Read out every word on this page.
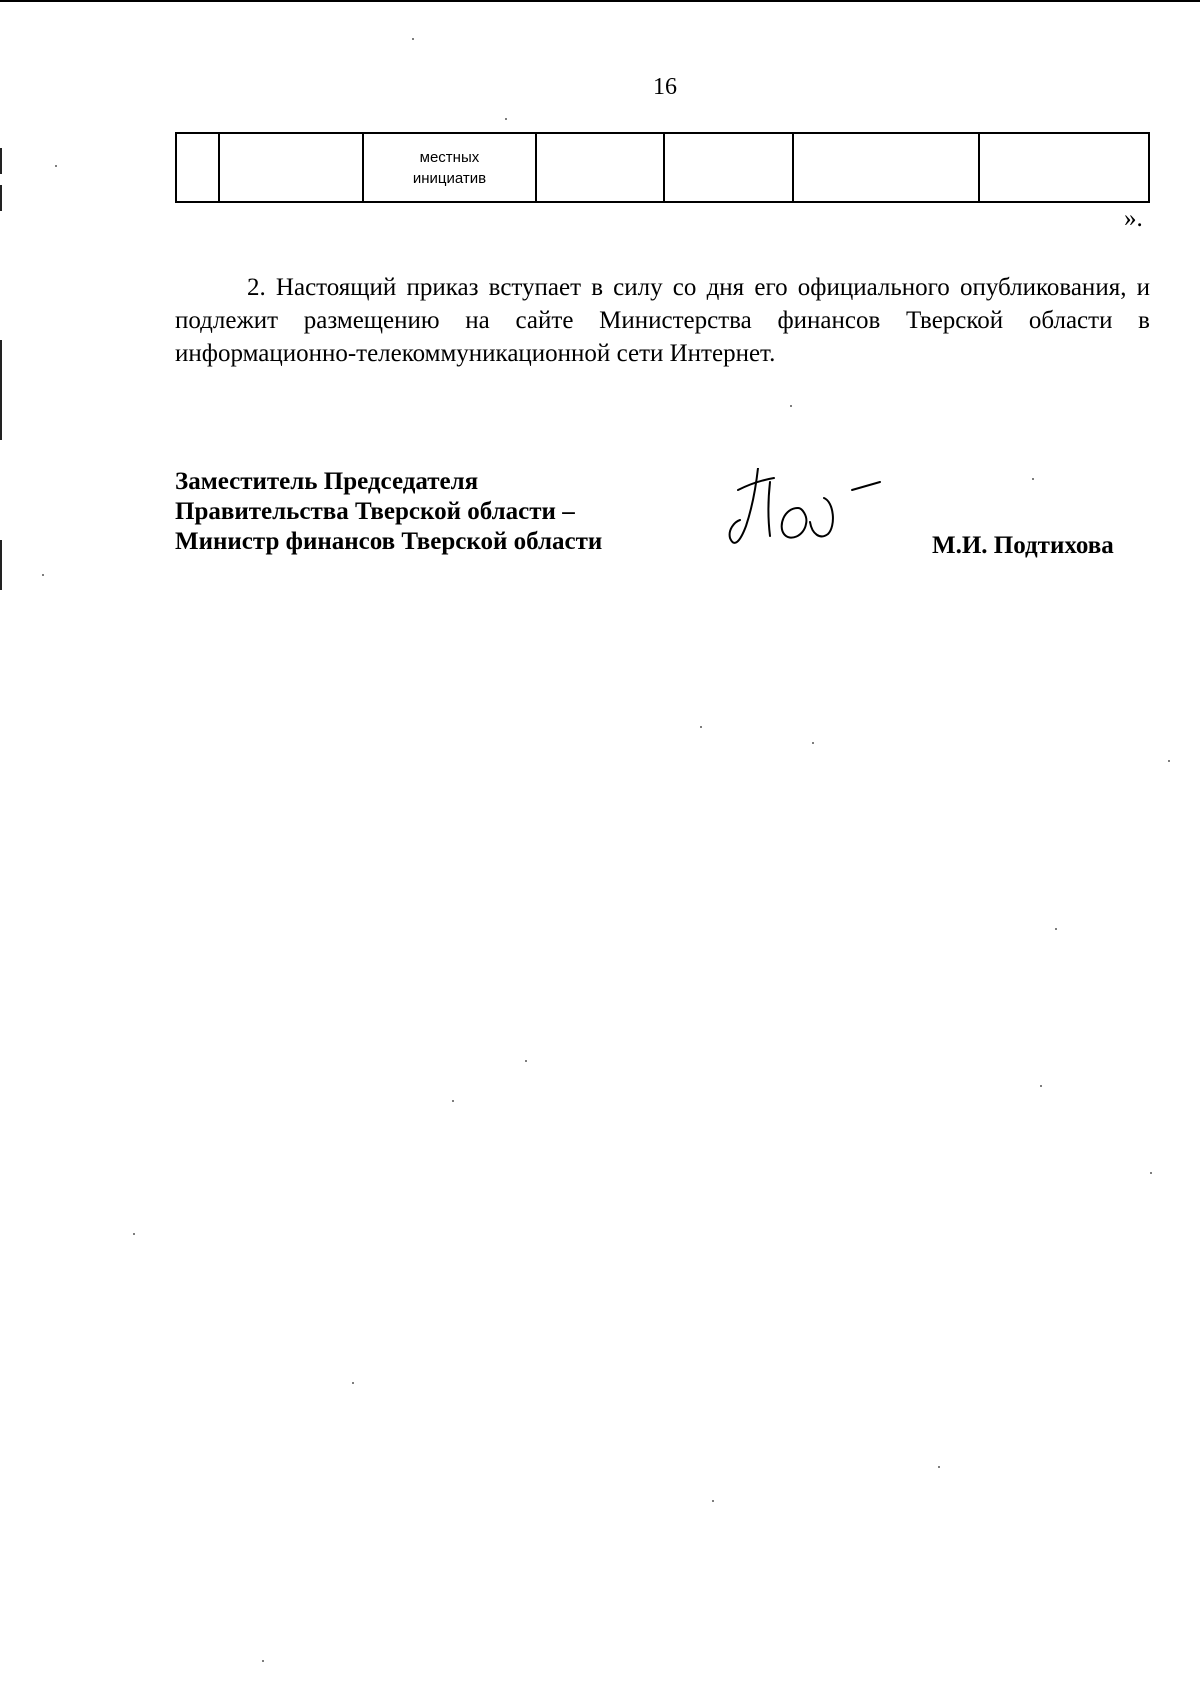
16
		местных
инициатив				
».

2. Настоящий приказ вступает в силу со дня его официального опубликования, и подлежит размещению на сайте Министерства финансов Тверской области в информационно-телекоммуникационной сети Интернет.

Заместитель Председателя
Правительства Тверской области –
Министр финансов Тверской области	М.И. Подтихова
